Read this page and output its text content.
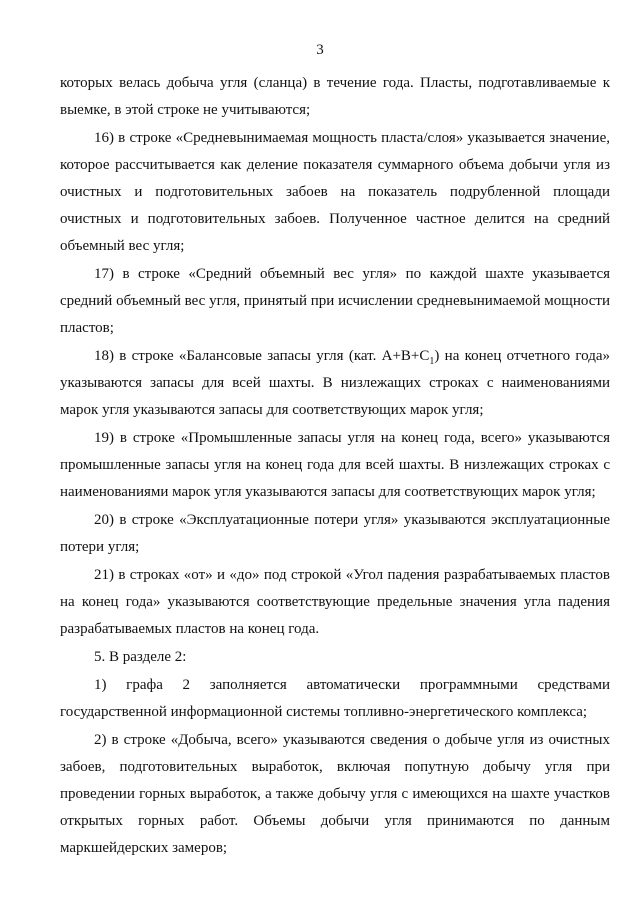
3

которых велась добыча угля (сланца) в течение года. Пласты, подготавливаемые к выемке, в этой строке не учитываются;

16) в строке «Средневынимаемая мощность пласта/слоя» указывается значение, которое рассчитывается как деление показателя суммарного объема добычи угля из очистных и подготовительных забоев на показатель подрубленной площади очистных и подготовительных забоев. Полученное частное делится на средний объемный вес угля;

17) в строке «Средний объемный вес угля» по каждой шахте указывается средний объемный вес угля, принятый при исчислении средневынимаемой мощности пластов;

18) в строке «Балансовые запасы угля (кат. $A+B+C_1$) на конец отчетного года» указываются запасы для всей шахты. В низлежащих строках с наименованиями марок угля указываются запасы для соответствующих марок угля;

19) в строке «Промышленные запасы угля на конец года, всего» указываются промышленные запасы угля на конец года для всей шахты. В низлежащих строках с наименованиями марок угля указываются запасы для соответствующих марок угля;

20) в строке «Эксплуатационные потери угля» указываются эксплуатационные потери угля;

21) в строках «от» и «до» под строкой «Угол падения разрабатываемых пластов на конец года» указываются соответствующие предельные значения угла падения разрабатываемых пластов на конец года.

5. В разделе 2:

1) графа 2 заполняется автоматически программными средствами государственной информационной системы топливно-энергетического комплекса;

2) в строке «Добыча, всего» указываются сведения о добыче угля из очистных забоев, подготовительных выработок, включая попутную добычу угля при проведении горных выработок, а также добычу угля с имеющихся на шахте участков открытых горных работ. Объемы добычи угля принимаются по данным маркшейдерских замеров;
